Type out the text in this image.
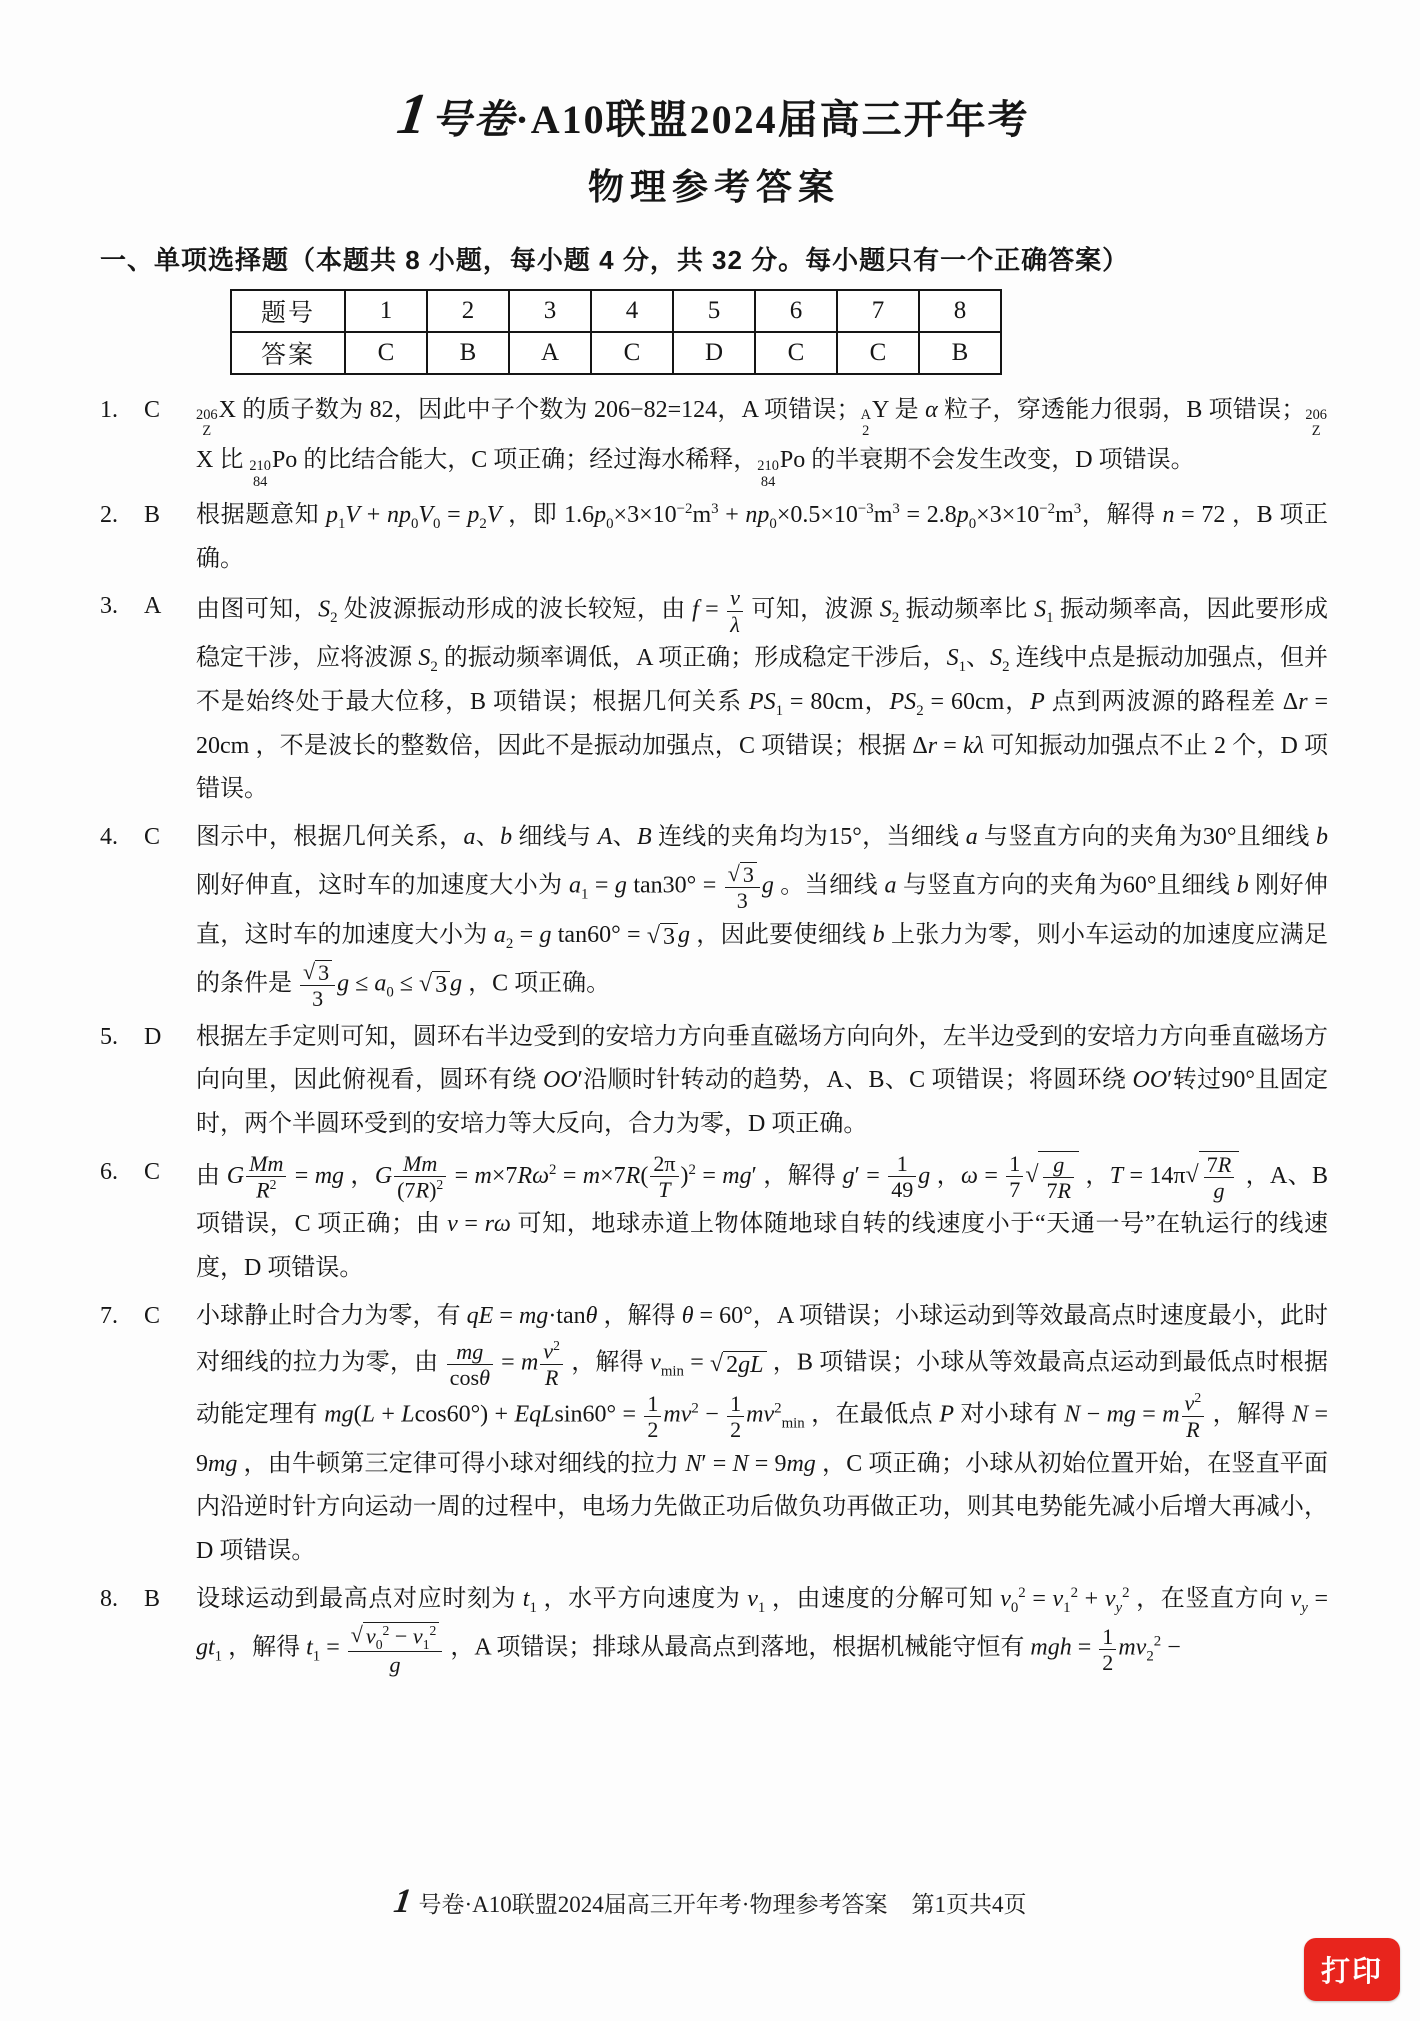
1号卷·A10联盟2024届高三开年考
物理参考答案
一、单项选择题（本题共 8 小题，每小题 4 分，共 32 分。每小题只有一个正确答案）
题号	1	2	3	4	5	6	7	8
答案	C	B	A	C	D	C	C	B
1.	C	206
Z
X 的质子数为 82，因此中子个数为 206−82=124，A 项错误； A
2
Y 是 α 粒子，穿透能力很弱，B 项错误； 206
Z
X 比 210
84
Po 的比结合能大，C 项正确；经过海水稀释， 210
84
Po 的半衰期不会发生改变，D 项错误。
2.	B	根据题意知 $p_1V + np_0V_0 = p_2V$ ，即 $1.6p_0\times 3\times 10^{-2}m^3 + np_0\times 0.5\times 10^{-3}m^3 = 2.8p_0\times 3\times 10^{-2}m^3$，解得 n = 72 ，B 项正确。
3.	A	由图可知，$S_2$ 处波源振动形成的波长较短，由 $f = \frac{v}{\lambda}$ 可知，波源 $S_2$ 振动频率比 $S_1$ 振动频率高，因此要形成稳定干涉，应将波源 $S_2$ 的振动频率调低，A 项正确；形成稳定干涉后，$S_1$、$S_2$ 连线中点是振动加强点，但并不是始终处于最大位移，B 项错误；根据几何关系 $PS_1 = 80cm$，$PS_2 = 60cm$，P 点到两波源的路程差 Δr = 20cm ，不是波长的整数倍，因此不是振动加强点，C 项错误；根据 Δr = kλ 可知振动加强点不止 2 个，D 项错误。
4.	C	图示中，根据几何关系，a、b 细线与 A、B 连线的夹角均为15°，当细线 a 与竖直方向的夹角为30°且细线 b 刚好伸直，这时车的加速度大小为 $a_1 = g$ $\tan 30^\circ = \frac{√ 3}{3}$ g 。当细线 a 与竖直方向的夹角为60°且细线 b 刚好伸直，这时车的加速度大小为 $a_2 = g$ tan60° = √ 3 g ，因此要使细线 b 上张力为零，则小车运动的加速度应满足的条件是 $\frac{√ 3}{3}$ $g \le a_0$ ≤ √ 3 g ，C 项正确。
5.	D	根据左手定则可知，圆环右半边受到的安培力方向垂直磁场方向向外，左半边受到的安培力方向垂直磁场方向向里，因此俯视看，圆环有绕 OO′沿顺时针转动的趋势，A、B、C 项错误；将圆环绕 OO′转过90°且固定时，两个半圆环受到的安培力等大反向，合力为零，D 项正确。
6.	C	由 G $\frac{Mm}{R^2}$ = mg ，G $\frac{Mm}{(7R)^2} = m\times 7R\omega^2 = m\times 7R( \frac{2\pi}{T} )^2 = mg'$ ，解得 $g' = \frac{1}{49}$ g ，$\omega = \frac{1}{7}$ √ $\frac{g}{7R}$ ，$T = 14\pi√ \frac{7R}{g}$ ，A、B 项错误，C 项正确；由 v = rω 可知，地球赤道上物体随地球自转的线速度小于“天通一号”在轨运行的线速度，D 项错误。
7.	C	小球静止时合力为零，有 qE = mg·tanθ ，解得 θ = 60°，A 项错误；小球运动到等效最高点时速度最小，此时对细线的拉力为零，由 $\frac{mg}{\cos\theta} = m \frac{v^2}{R}$ ，解得 $v_{min}$ = √ 2gL ，B 项错误；小球从等效最高点运动到最低点时根据动能定理有 $mg(L + Lcos60^\circ) + EqLsin60^\circ = \frac{1}{2} mv^2 - \frac{1}{2} mv^2_{min}$ ，在最低点 P 对小球有 N − mg = m $\frac{v^2}{R}$ ，解得 N = 9mg ，由牛顿第三定律可得小球对细线的拉力 N′ = N = 9mg ，C 项正确；小球从初始位置开始，在竖直平面内沿逆时针方向运动一周的过程中，电场力先做正功后做负功再做正功，则其电势能先减小后增大再减小，D 项错误。
8.	B	设球运动到最高点对应时刻为 $t_1$ ，水平方向速度为 $v_1$ ，由速度的分解可知 $v_0^2 = v_1^2 + v_y^2$ ，在竖直方向 $v_y = gt_1$ ，解得 $t_1 = \frac{√ v_0^2 - v_1^2}{g}$ ，A 项错误；排球从最高点到落地，根据机械能守恒有 mgh = $\frac{1}{2} mv_2^2$ −
1 号卷·A10联盟2024届高三开年考·物理参考答案 第1页共4页
打印
